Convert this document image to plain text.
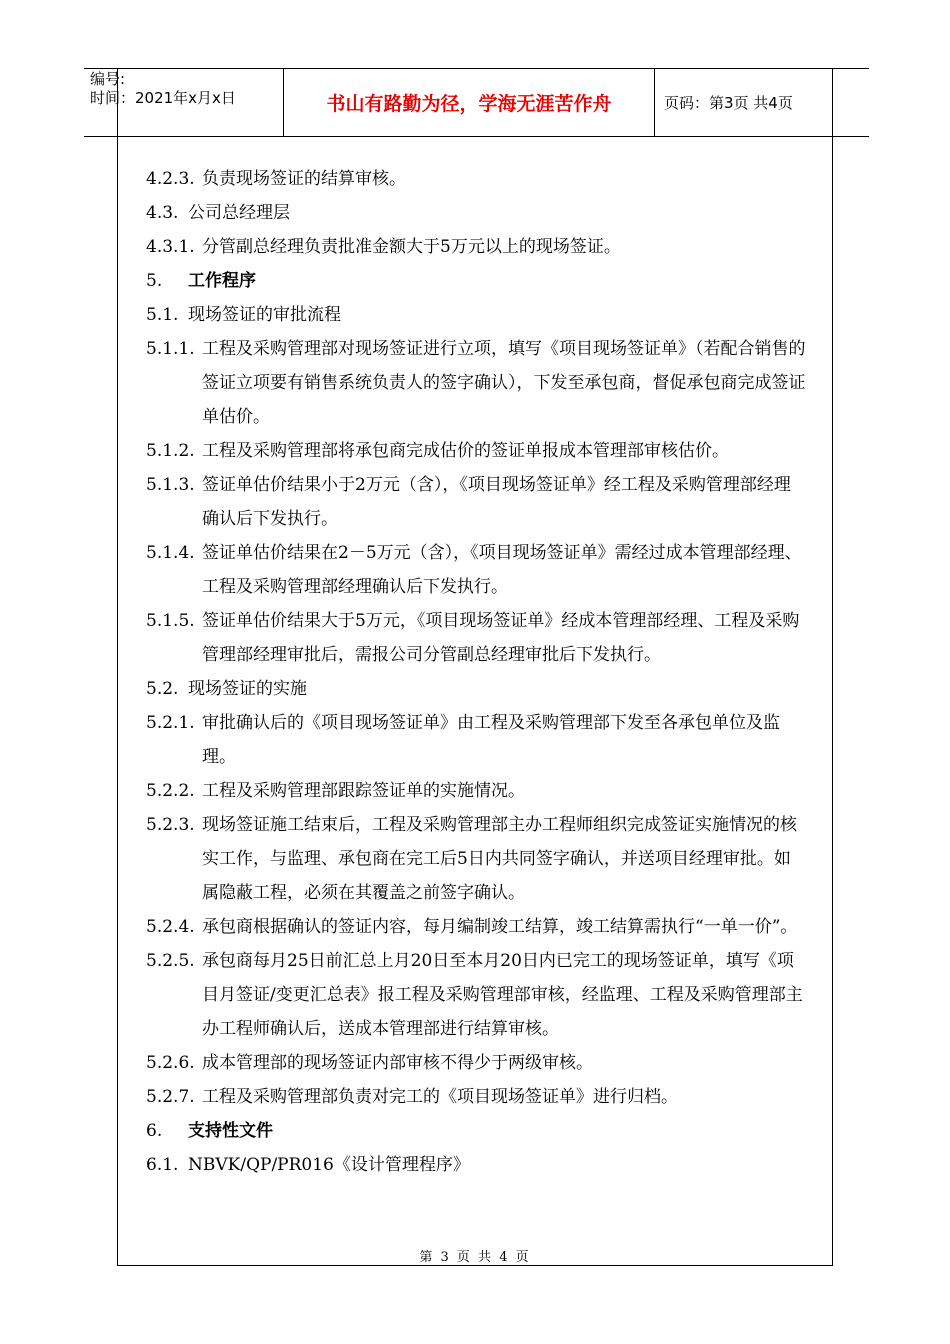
编号:
时间：2021年x月x日	书山有路勤为径，学海无涯苦作舟	页码：第3页 共4页
4.2.3. 负责现场签证的结算审核。
4.3. 公司总经理层
4.3.1. 分管副总经理负责批准金额大于5万元以上的现场签证。
5.	工作程序
5.1. 现场签证的审批流程
5.1.1. 工程及采购管理部对现场签证进行立项，填写《项目现场签证单》（若配合销售的签证立项要有销售系统负责人的签字确认），下发至承包商，督促承包商完成签证单估价。
5.1.2. 工程及采购管理部将承包商完成估价的签证单报成本管理部审核估价。
5.1.3. 签证单估价结果小于2万元（含），《项目现场签证单》经工程及采购管理部经理确认后下发执行。
5.1.4. 签证单估价结果在2－5万元（含），《项目现场签证单》需经过成本管理部经理、工程及采购管理部经理确认后下发执行。
5.1.5. 签证单估价结果大于5万元，《项目现场签证单》经成本管理部经理、工程及采购管理部经理审批后，需报公司分管副总经理审批后下发执行。
5.2. 现场签证的实施
5.2.1. 审批确认后的《项目现场签证单》由工程及采购管理部下发至各承包单位及监理。
5.2.2. 工程及采购管理部跟踪签证单的实施情况。
5.2.3. 现场签证施工结束后，工程及采购管理部主办工程师组织完成签证实施情况的核实工作，与监理、承包商在完工后5日内共同签字确认，并送项目经理审批。如属隐蔽工程，必须在其覆盖之前签字确认。
5.2.4. 承包商根据确认的签证内容，每月编制竣工结算，竣工结算需执行“一单一价”。
5.2.5. 承包商每月25日前汇总上月20日至本月20日内已完工的现场签证单，填写《项目月签证/变更汇总表》报工程及采购管理部审核，经监理、工程及采购管理部主办工程师确认后，送成本管理部进行结算审核。
5.2.6. 成本管理部的现场签证内部审核不得少于两级审核。
5.2.7. 工程及采购管理部负责对完工的《项目现场签证单》进行归档。
6.	支持性文件
6.1. NBVK/QP/PR016《设计管理程序》
第 3 页 共 4 页
